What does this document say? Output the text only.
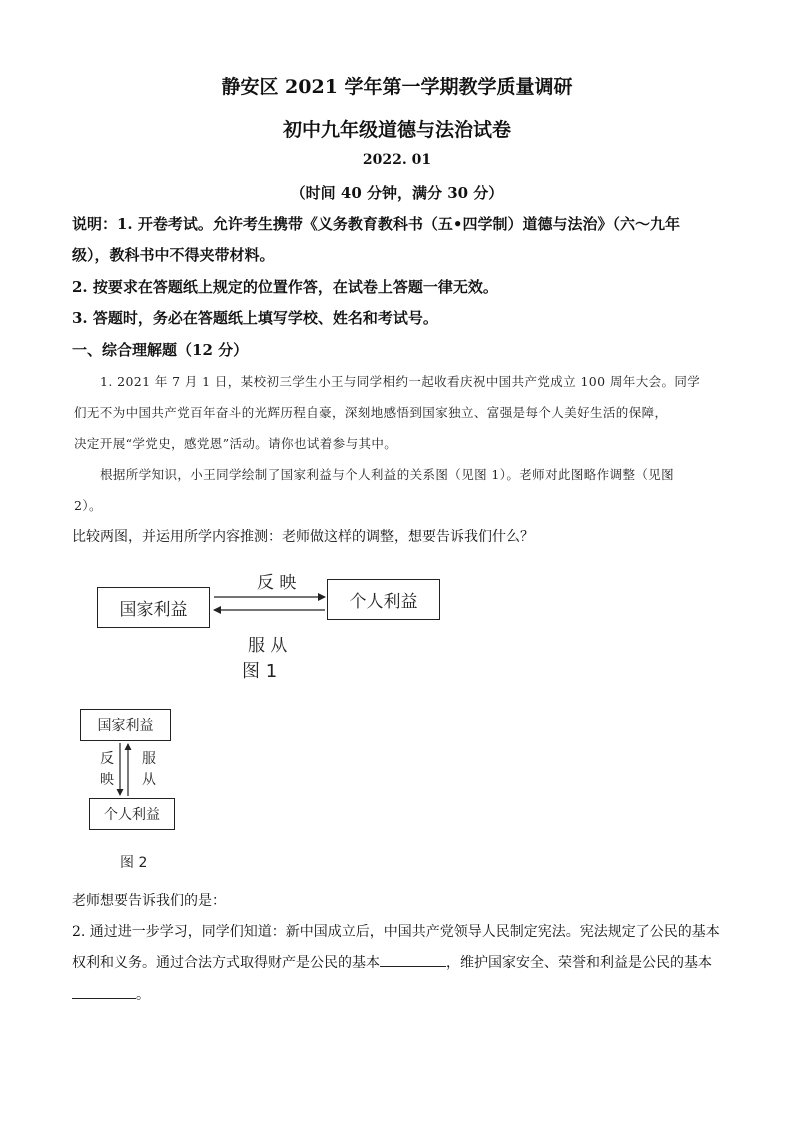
静安区 2021 学年第一学期教学质量调研
初中九年级道德与法治试卷
2022. 01
（时间 40 分钟，满分 30 分）
说明：1. 开卷考试。允许考生携带《义务教育教科书（五•四学制）道德与法治》（六～九年
级），教科书中不得夹带材料。
2. 按要求在答题纸上规定的位置作答，在试卷上答题一律无效。
3. 答题时，务必在答题纸上填写学校、姓名和考试号。
一、综合理解题（12 分）
1. 2021 年 7 月 1 日，某校初三学生小王与同学相约一起收看庆祝中国共产党成立 100 周年大会。同学
们无不为中国共产党百年奋斗的光辉历程自豪，深刻地感悟到国家独立、富强是每个人美好生活的保障，
决定开展“学党史，感党恩”活动。请你也试着参与其中。
根据所学知识，小王同学绘制了国家利益与个人利益的关系图（见图 1）。老师对此图略作调整（见图
2）。
比较两图，并运用所学内容推测：老师做这样的调整，想要告诉我们什么？
反 映
国家利益	个人利益
服 从
图 1
国家利益
反
映
服
从
个人利益
图 2
老师想要告诉我们的是：
2. 通过进一步学习，同学们知道：新中国成立后，中国共产党领导人民制定宪法。宪法规定了公民的基本
权利和义务。通过合法方式取得财产是公民的基本	，维护国家安全、荣誉和利益是公民的基本
。
